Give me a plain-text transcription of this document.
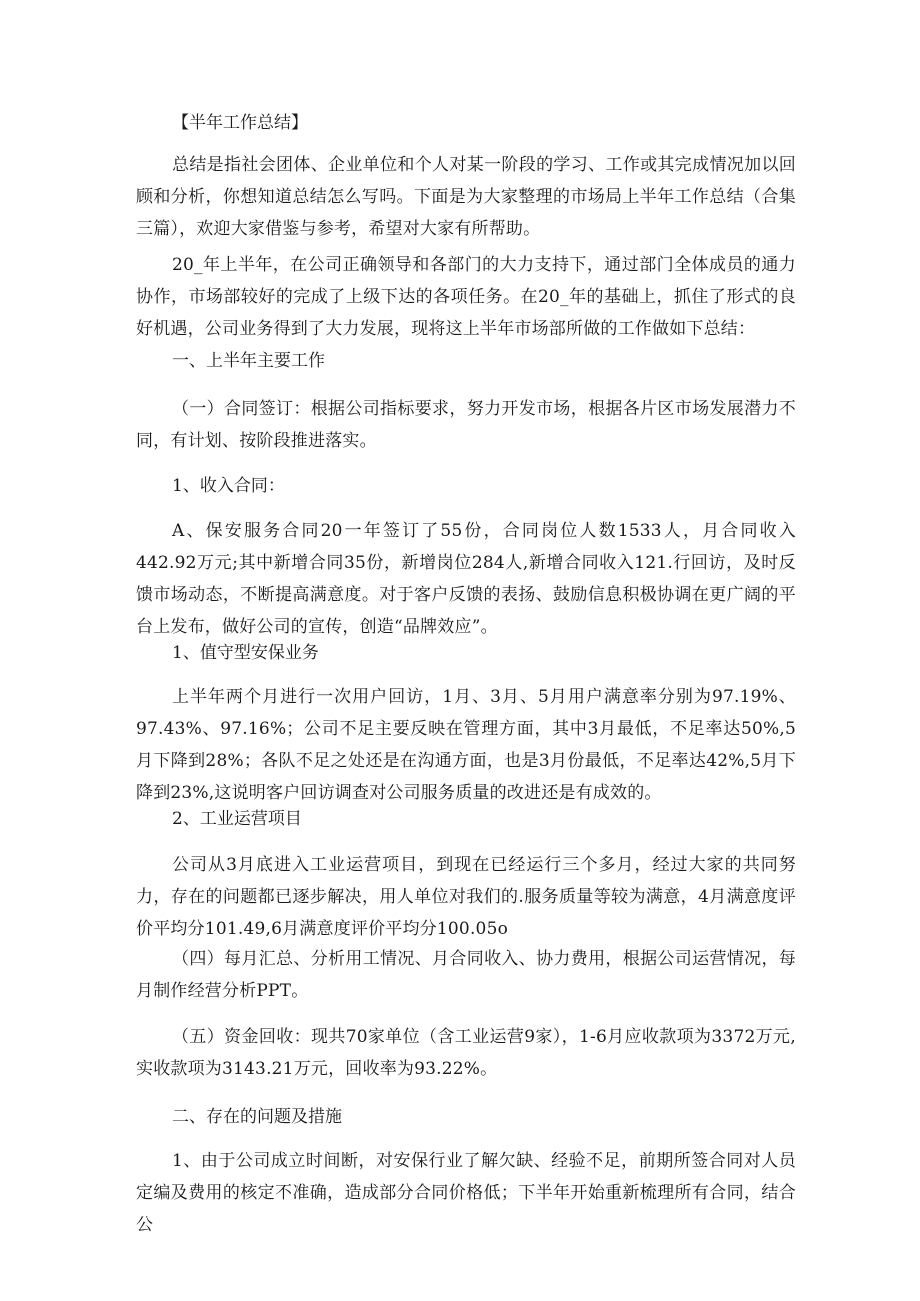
【半年工作总结】

总结是指社会团体、企业单位和个人对某一阶段的学习、工作或其完成情况加以回顾和分析，你想知道总结怎么写吗。下面是为大家整理的市场局上半年工作总结（合集三篇），欢迎大家借鉴与参考，希望对大家有所帮助。

20_年上半年，在公司正确领导和各部门的大力支持下，通过部门全体成员的通力协作，市场部较好的完成了上级下达的各项任务。在20_年的基础上，抓住了形式的良好机遇，公司业务得到了大力发展，现将这上半年市场部所做的工作做如下总结：

一、上半年主要工作

（一）合同签订：根据公司指标要求，努力开发市场，根据各片区市场发展潜力不同，有计划、按阶段推进落实。

1、收入合同：

A、保安服务合同20一年签订了55份，合同岗位人数1533人，月合同收入442.92万元;其中新增合同35份，新增岗位284人,新增合同收入121.行回访，及时反馈市场动态，不断提高满意度。对于客户反馈的表扬、鼓励信息积极协调在更广阔的平台上发布，做好公司的宣传，创造“品牌效应”。

1、值守型安保业务

上半年两个月进行一次用户回访，1月、3月、5月用户满意率分别为97.19%、97.43%、97.16%；公司不足主要反映在管理方面，其中3月最低，不足率达50%,5月下降到28%；各队不足之处还是在沟通方面，也是3月份最低，不足率达42%,5月下降到23%,这说明客户回访调查对公司服务质量的改进还是有成效的。

2、工业运营项目

公司从3月底进入工业运营项目，到现在已经运行三个多月，经过大家的共同努力，存在的问题都已逐步解决，用人单位对我们的.服务质量等较为满意，4月满意度评价平均分101.49,6月满意度评价平均分100.05o

（四）每月汇总、分析用工情况、月合同收入、协力费用，根据公司运营情况，每月制作经营分析PPT。

（五）资金回收：现共70家单位（含工业运营9家），1-6月应收款项为3372万元,实收款项为3143.21万元，回收率为93.22%。

二、存在的问题及措施

1、由于公司成立时间断，对安保行业了解欠缺、经验不足，前期所签合同对人员定编及费用的核定不准确，造成部分合同价格低；下半年开始重新梳理所有合同，结合公
